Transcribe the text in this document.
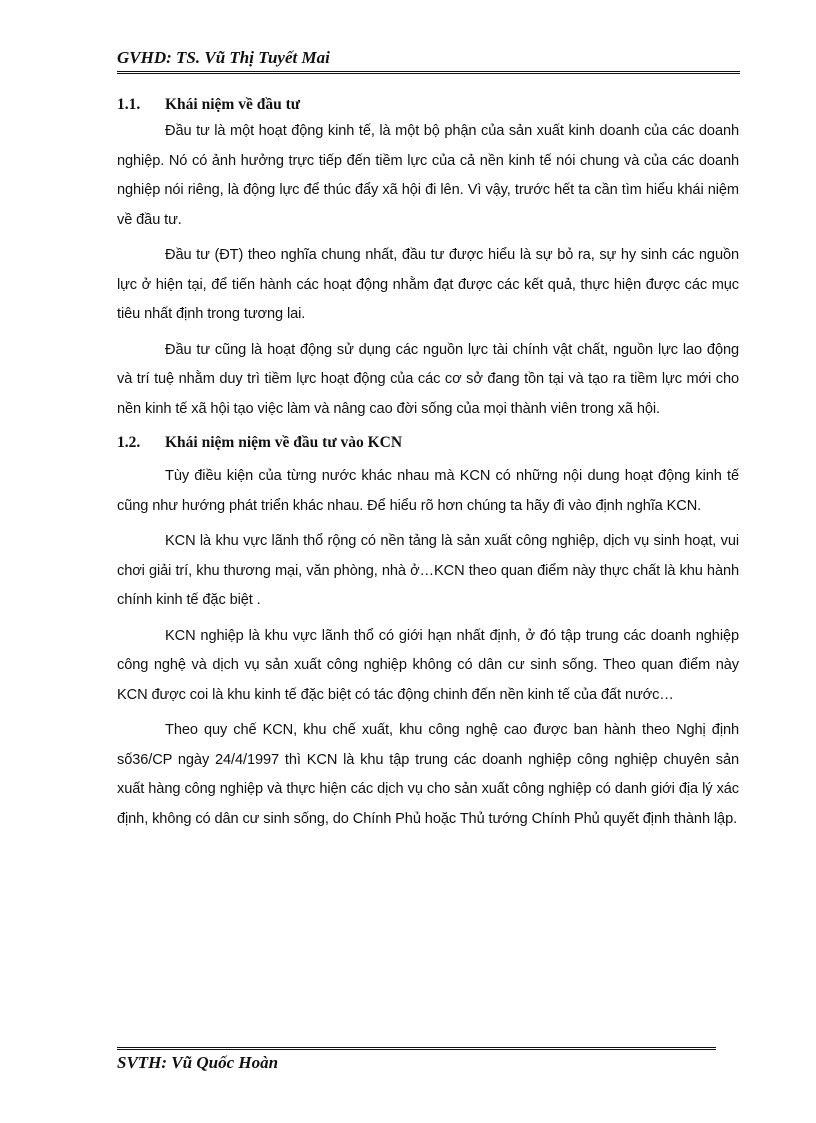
GVHD: TS. Vũ Thị Tuyết Mai
1.1.	Khái niệm về đầu tư

Đầu tư là một hoạt động kinh tế, là một bộ phận của sản xuất kinh doanh của các doanh nghiệp. Nó có ảnh hưởng trực tiếp đến tiềm lực của cả nền kinh tế nói chung và của các doanh nghiệp nói riêng, là động lực để thúc đẩy xã hội đi lên. Vì vậy, trước hết ta cần tìm hiểu khái niệm về đầu tư.

Đầu tư (ĐT) theo nghĩa chung nhất, đầu tư được hiểu là sự bỏ ra, sự hy sinh các nguồn lực ở hiện tại, để tiến hành các hoạt động nhằm đạt được các kết quả, thực hiện được các mục tiêu nhất định trong tương lai.

Đầu tư cũng là hoạt động sử dụng các nguồn lực tài chính vật chất, nguồn lực lao động và trí tuệ nhằm duy trì tiềm lực hoạt động của các cơ sở đang tồn tại và tạo ra tiềm lực mới cho nền kinh tế xã hội tạo việc làm và nâng cao đời sống của mọi thành viên trong xã hội.

1.2.	Khái niệm niệm về đầu tư vào KCN

Tùy điều kiện của từng nước khác nhau mà KCN có những nội dung hoạt động kinh tế cũng như hướng phát triển khác nhau. Để hiểu rõ hơn chúng ta hãy đi vào định nghĩa KCN.

KCN là khu vực lãnh thổ rộng có nền tảng là sản xuất công nghiệp, dịch vụ sinh hoạt, vui chơi giải trí, khu thương mại, văn phòng, nhà ở…KCN theo quan điểm này thực chất là khu hành chính kinh tế đặc biệt .

KCN nghiệp là khu vực lãnh thổ có giới hạn nhất định, ở đó tập trung các doanh nghiệp công nghệ và dịch vụ sản xuất công nghiệp không có dân cư sinh sống. Theo quan điểm này KCN được coi là khu kinh tế đặc biệt có tác động chinh đến nền kinh tế của đất nước…

Theo quy chế KCN, khu chế xuất, khu công nghệ cao được ban hành theo Nghị định số36/CP ngày 24/4/1997 thì KCN là khu tập trung các doanh nghiệp công nghiệp chuyên sản xuất hàng công nghiệp và thực hiện các dịch vụ cho sản xuất công nghiệp có danh giới địa lý xác định, không có dân cư sinh sống, do Chính Phủ hoặc Thủ tướng Chính Phủ quyết định thành lập.

SVTH: Vũ Quốc Hoàn
